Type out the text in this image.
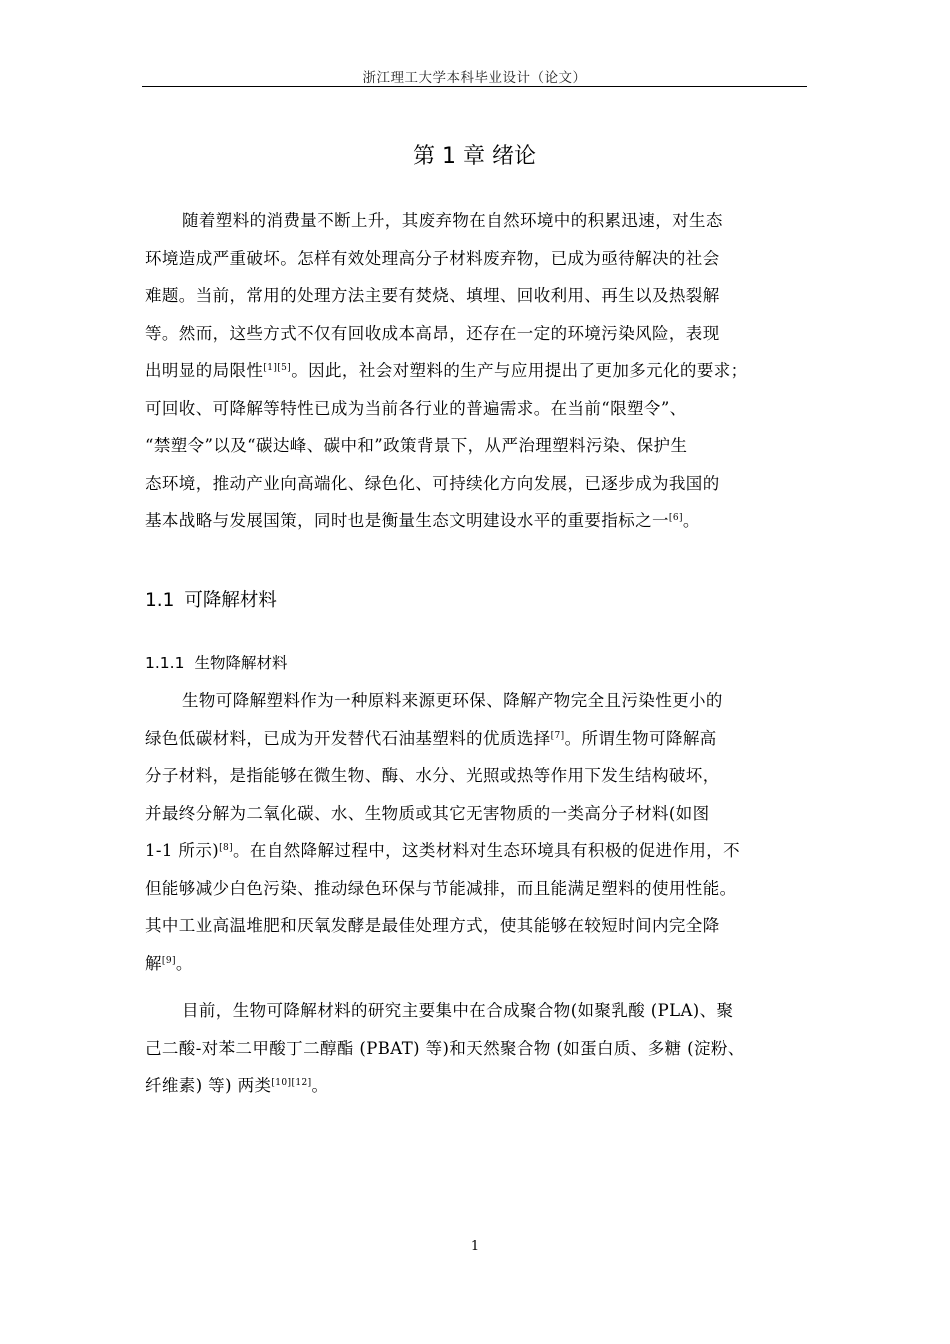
浙江理工大学本科毕业设计（论文）
第 1 章 绪论
随着塑料的消费量不断上升，其废弃物在自然环境中的积累迅速，对生态
环境造成严重破坏。怎样有效处理高分子材料废弃物，已成为亟待解决的社会
难题。当前，常用的处理方法主要有焚烧、填埋、回收利用、再生以及热裂解
等。然而，这些方式不仅有回收成本高昂，还存在一定的环境污染风险，表现
出明显的局限性[1][5]。因此，社会对塑料的生产与应用提出了更加多元化的要求；
可回收、可降解等特性已成为当前各行业的普遍需求。在当前“限塑令”、
“禁塑令”以及“碳达峰、碳中和”政策背景下，从严治理塑料污染、保护生
态环境，推动产业向高端化、绿色化、可持续化方向发展，已逐步成为我国的
基本战略与发展国策，同时也是衡量生态文明建设水平的重要指标之一[6]。
1.1 可降解材料
1.1.1 生物降解材料
生物可降解塑料作为一种原料来源更环保、降解产物完全且污染性更小的
绿色低碳材料，已成为开发替代石油基塑料的优质选择[7]。所谓生物可降解高
分子材料，是指能够在微生物、酶、水分、光照或热等作用下发生结构破坏，
并最终分解为二氧化碳、水、生物质或其它无害物质的一类高分子材料(如图
1-1 所示)[8]。在自然降解过程中，这类材料对生态环境具有积极的促进作用，不
但能够减少白色污染、推动绿色环保与节能减排，而且能满足塑料的使用性能。
其中工业高温堆肥和厌氧发酵是最佳处理方式，使其能够在较短时间内完全降
解[9]。
目前，生物可降解材料的研究主要集中在合成聚合物(如聚乳酸 (PLA)、聚
己二酸-对苯二甲酸丁二醇酯 (PBAT) 等)和天然聚合物 (如蛋白质、多糖 (淀粉、
纤维素) 等) 两类[10][12]。
1
